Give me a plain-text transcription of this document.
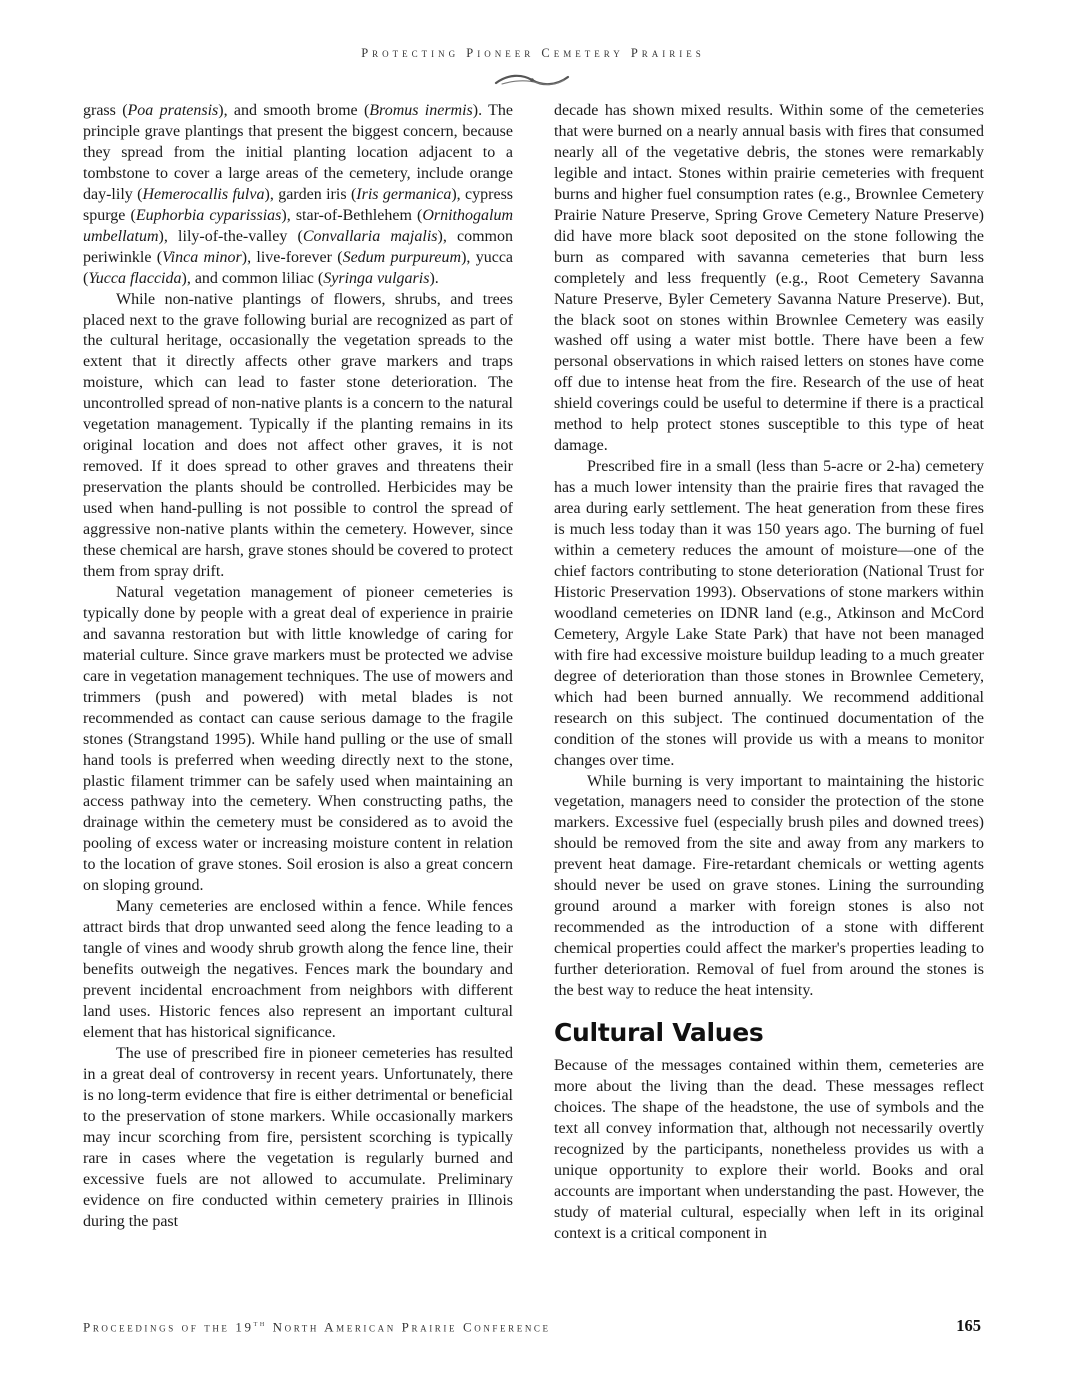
Protecting Pioneer Cemetery Prairies

grass (Poa pratensis), and smooth brome (Bromus inermis). The principle grave plantings that present the biggest concern, because they spread from the initial planting location adjacent to a tombstone to cover a large areas of the cemetery, include orange day-lily (Hemerocallis fulva), garden iris (Iris germanica), cypress spurge (Euphorbia cyparissias), star-of-Bethlehem (Ornithogalum umbellatum), lily-of-the-valley (Convallaria majalis), common periwinkle (Vinca minor), live-forever (Sedum purpureum), yucca (Yucca flaccida), and common liliac (Syringa vulgaris).

While non-native plantings of flowers, shrubs, and trees placed next to the grave following burial are recognized as part of the cultural heritage, occasionally the vegetation spreads to the extent that it directly affects other grave markers and traps moisture, which can lead to faster stone deterioration. The uncontrolled spread of non-native plants is a concern to the natural vegetation management. Typically if the planting remains in its original location and does not affect other graves, it is not removed. If it does spread to other graves and threatens their preservation the plants should be controlled. Herbicides may be used when hand-pulling is not possible to control the spread of aggressive non-native plants within the cemetery. However, since these chemical are harsh, grave stones should be covered to protect them from spray drift.

Natural vegetation management of pioneer cemeteries is typically done by people with a great deal of experience in prairie and savanna restoration but with little knowledge of caring for material culture. Since grave markers must be protected we advise care in vegetation management techniques. The use of mowers and trimmers (push and powered) with metal blades is not recommended as contact can cause serious damage to the fragile stones (Strangstand 1995). While hand pulling or the use of small hand tools is preferred when weeding directly next to the stone, plastic filament trimmer can be safely used when maintaining an access pathway into the cemetery. When constructing paths, the drainage within the cemetery must be considered as to avoid the pooling of excess water or increasing moisture content in relation to the location of grave stones. Soil erosion is also a great concern on sloping ground.

Many cemeteries are enclosed within a fence. While fences attract birds that drop unwanted seed along the fence leading to a tangle of vines and woody shrub growth along the fence line, their benefits outweigh the negatives. Fences mark the boundary and prevent incidental encroachment from neighbors with different land uses. Historic fences also represent an important cultural element that has historical significance.

The use of prescribed fire in pioneer cemeteries has resulted in a great deal of controversy in recent years. Unfortunately, there is no long-term evidence that fire is either detrimental or beneficial to the preservation of stone markers. While occasionally markers may incur scorching from fire, persistent scorching is typically rare in cases where the vegetation is regularly burned and excessive fuels are not allowed to accumulate. Preliminary evidence on fire conducted within cemetery prairies in Illinois during the past

decade has shown mixed results. Within some of the cemeteries that were burned on a nearly annual basis with fires that consumed nearly all of the vegetative debris, the stones were remarkably legible and intact. Stones within prairie cemeteries with frequent burns and higher fuel consumption rates (e.g., Brownlee Cemetery Prairie Nature Preserve, Spring Grove Cemetery Nature Preserve) did have more black soot deposited on the stone following the burn as compared with savanna cemeteries that burn less completely and less frequently (e.g., Root Cemetery Savanna Nature Preserve, Byler Cemetery Savanna Nature Preserve). But, the black soot on stones within Brownlee Cemetery was easily washed off using a water mist bottle. There have been a few personal observations in which raised letters on stones have come off due to intense heat from the fire. Research of the use of heat shield coverings could be useful to determine if there is a practical method to help protect stones susceptible to this type of heat damage.

Prescribed fire in a small (less than 5-acre or 2-ha) cemetery has a much lower intensity than the prairie fires that ravaged the area during early settlement. The heat generation from these fires is much less today than it was 150 years ago. The burning of fuel within a cemetery reduces the amount of moisture—one of the chief factors contributing to stone deterioration (National Trust for Historic Preservation 1993). Observations of stone markers within woodland cemeteries on IDNR land (e.g., Atkinson and McCord Cemetery, Argyle Lake State Park) that have not been managed with fire had excessive moisture buildup leading to a much greater degree of deterioration than those stones in Brownlee Cemetery, which had been burned annually. We recommend additional research on this subject. The continued documentation of the condition of the stones will provide us with a means to monitor changes over time.

While burning is very important to maintaining the historic vegetation, managers need to consider the protection of the stone markers. Excessive fuel (especially brush piles and downed trees) should be removed from the site and away from any markers to prevent heat damage. Fire-retardant chemicals or wetting agents should never be used on grave stones. Lining the surrounding ground around a marker with foreign stones is also not recommended as the introduction of a stone with different chemical properties could affect the marker's properties leading to further deterioration. Removal of fuel from around the stones is the best way to reduce the heat intensity.

Cultural Values

Because of the messages contained within them, cemeteries are more about the living than the dead. These messages reflect choices. The shape of the headstone, the use of symbols and the text all convey information that, although not necessarily overtly recognized by the participants, nonetheless provides us with a unique opportunity to explore their world. Books and oral accounts are important when understanding the past. However, the study of material cultural, especially when left in its original context is a critical component in

Proceedings of the 19th North American Prairie Conference	165
